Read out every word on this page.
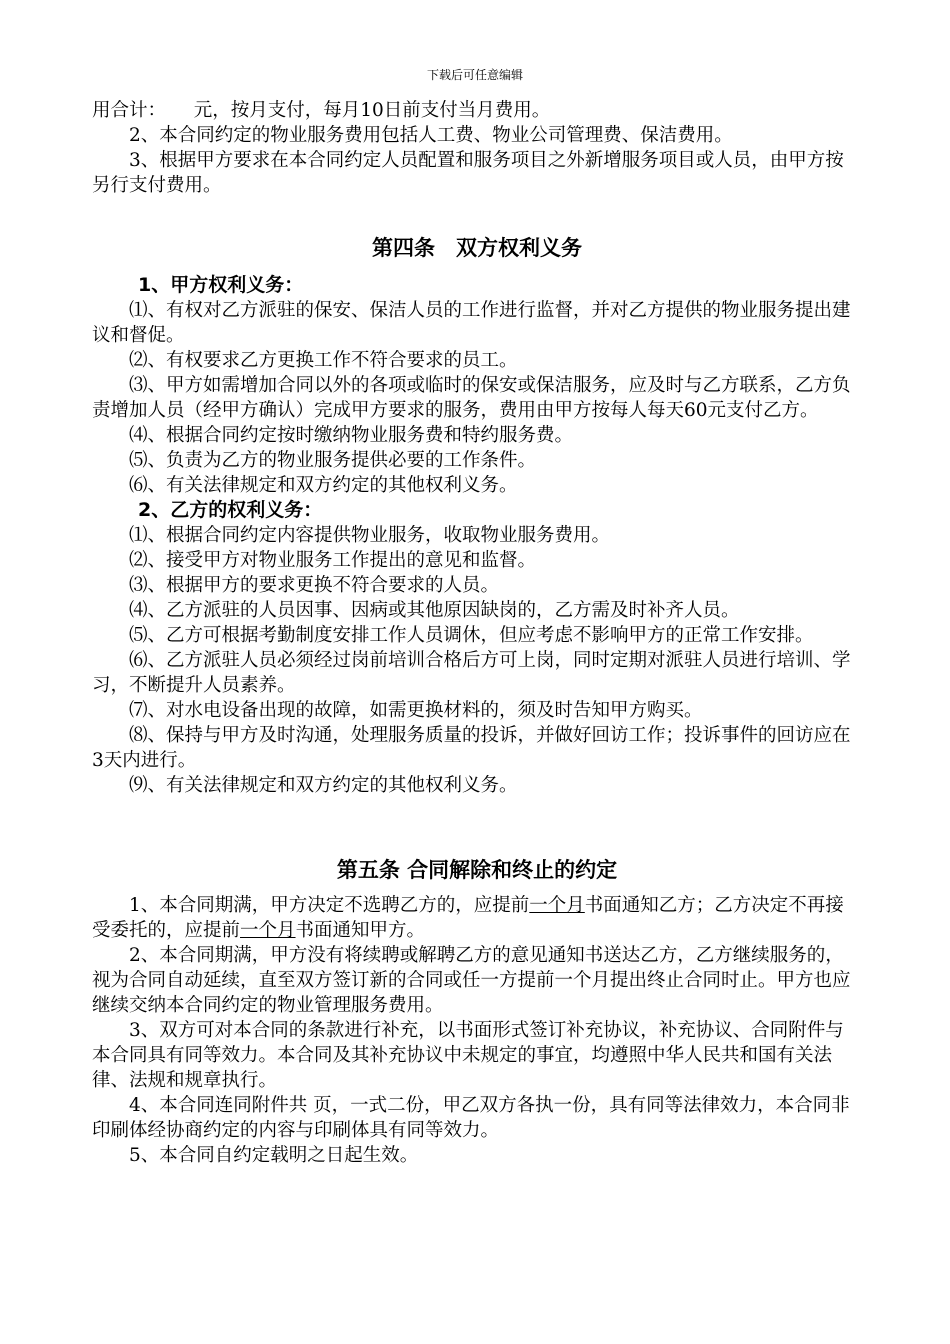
下载后可任意编辑

用合计：　　元，按月支付，每月10日前支付当月费用。

2、本合同约定的物业服务费用包括人工费、物业公司管理费、保洁费用。

3、根据甲方要求在本合同约定人员配置和服务项目之外新增服务项目或人员，由甲方按另行支付费用。

第四条　双方权利义务

1、甲方权利义务：

⑴、有权对乙方派驻的保安、保洁人员的工作进行监督，并对乙方提供的物业服务提出建议和督促。

⑵、有权要求乙方更换工作不符合要求的员工。

⑶、甲方如需增加合同以外的各项或临时的保安或保洁服务，应及时与乙方联系，乙方负责增加人员（经甲方确认）完成甲方要求的服务，费用由甲方按每人每天60元支付乙方。

⑷、根据合同约定按时缴纳物业服务费和特约服务费。

⑸、负责为乙方的物业服务提供必要的工作条件。

⑹、有关法律规定和双方约定的其他权利义务。

2、乙方的权利义务：

⑴、根据合同约定内容提供物业服务，收取物业服务费用。

⑵、接受甲方对物业服务工作提出的意见和监督。

⑶、根据甲方的要求更换不符合要求的人员。

⑷、乙方派驻的人员因事、因病或其他原因缺岗的，乙方需及时补齐人员。

⑸、乙方可根据考勤制度安排工作人员调休，但应考虑不影响甲方的正常工作安排。

⑹、乙方派驻人员必须经过岗前培训合格后方可上岗，同时定期对派驻人员进行培训、学习，不断提升人员素养。

⑺、对水电设备出现的故障，如需更换材料的，须及时告知甲方购买。

⑻、保持与甲方及时沟通，处理服务质量的投诉，并做好回访工作；投诉事件的回访应在3天内进行。

⑼、有关法律规定和双方约定的其他权利义务。

第五条 合同解除和终止的约定

1、本合同期满，甲方决定不选聘乙方的，应提前一个月书面通知乙方；乙方决定不再接受委托的，应提前一个月书面通知甲方。

2、本合同期满，甲方没有将续聘或解聘乙方的意见通知书送达乙方，乙方继续服务的，视为合同自动延续，直至双方签订新的合同或任一方提前一个月提出终止合同时止。甲方也应继续交纳本合同约定的物业管理服务费用。

3、双方可对本合同的条款进行补充，以书面形式签订补充协议，补充协议、合同附件与本合同具有同等效力。本合同及其补充协议中未规定的事宜，均遵照中华人民共和国有关法律、法规和规章执行。

4、本合同连同附件共 页，一式二份，甲乙双方各执一份，具有同等法律效力，本合同非印刷体经协商约定的内容与印刷体具有同等效力。

5、本合同自约定载明之日起生效。
